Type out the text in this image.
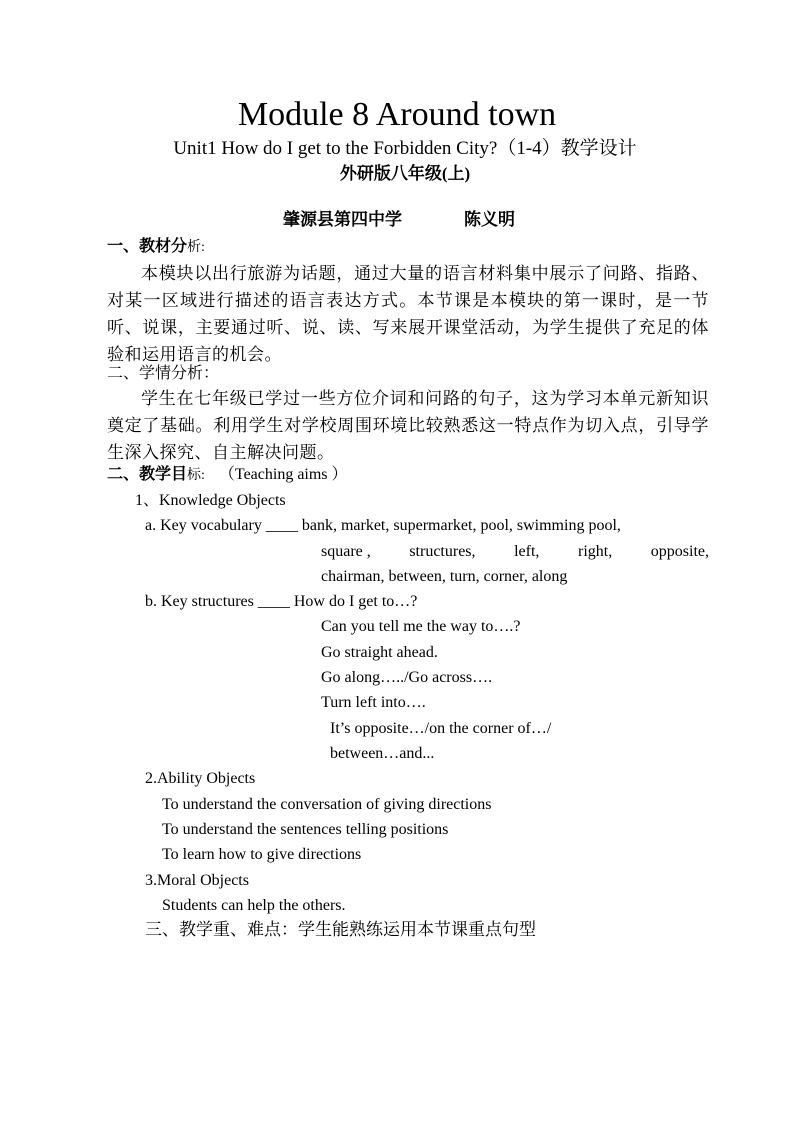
Module 8 Around town
Unit1 How do I get to the Forbidden City?（1-4）教学设计
外研版八年级(上)
肇源县第四中学	陈义明
一、教材分析:
本模块以出行旅游为话题，通过大量的语言材料集中展示了问路、指路、对某一区域进行描述的语言表达方式。本节课是本模块的第一课时，是一节听、说课，主要通过听、说、读、写来展开课堂活动，为学生提供了充足的体验和运用语言的机会。
二、学情分析：
学生在七年级已学过一些方位介词和问路的句子，这为学习本单元新知识奠定了基础。利用学生对学校周围环境比较熟悉这一特点作为切入点，引导学生深入探究、自主解决问题。
二、教学目标: （Teaching aims ）
1、Knowledge Objects
a. Key vocabulary ____ bank, market, supermarket, pool, swimming pool,
square , structures, left, right, opposite,
chairman, between, turn, corner, along
b. Key structures ____ How do I get to…?
Can you tell me the way to….?
Go straight ahead.
Go along…../Go across….
Turn left into….
It’s opposite…/on the corner of…/
between…and...
2.Ability Objects
To understand the conversation of giving directions
To understand the sentences telling positions
To learn how to give directions
3.Moral Objects
Students can help the others.
三、教学重、难点：学生能熟练运用本节课重点句型
